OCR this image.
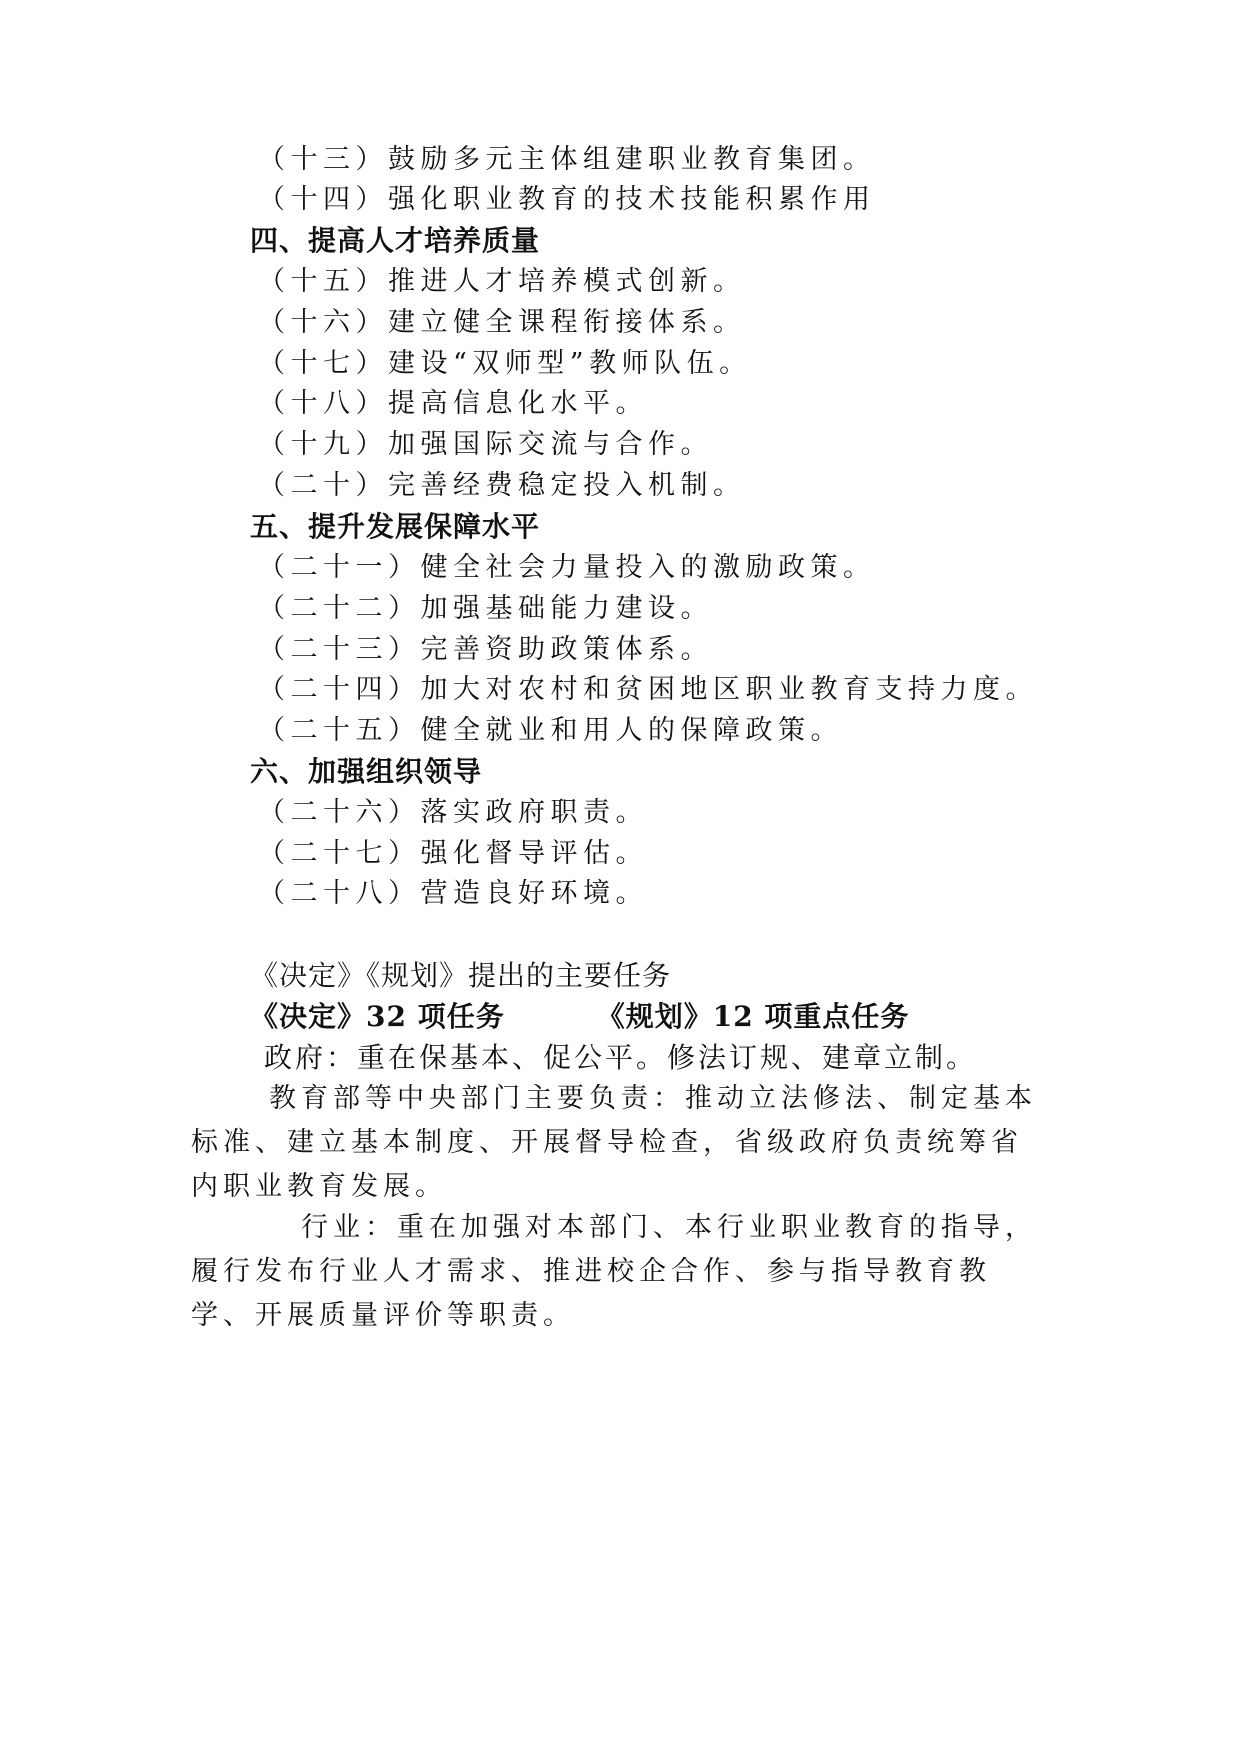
（十三）鼓励多元主体组建职业教育集团。
（十四）强化职业教育的技术技能积累作用
四、提高人才培养质量
（十五）推进人才培养模式创新。
（十六）建立健全课程衔接体系。
（十七）建设“双师型”教师队伍。
（十八）提高信息化水平。
（十九）加强国际交流与合作。
（二十）完善经费稳定投入机制。
五、提升发展保障水平
（二十一）健全社会力量投入的激励政策。
（二十二）加强基础能力建设。
（二十三）完善资助政策体系。
（二十四）加大对农村和贫困地区职业教育支持力度。
（二十五）健全就业和用人的保障政策。
六、加强组织领导
（二十六）落实政府职责。
（二十七）强化督导评估。
（二十八）营造良好环境。
《决定》《规划》提出的主要任务
《决定》32 项任务	《规划》12 项重点任务
政府：重在保基本、促公平。修法订规、建章立制。
教育部等中央部门主要负责：推动立法修法、制定基本标准、建立基本制度、开展督导检查，省级政府负责统筹省内职业教育发展。
行业：重在加强对本部门、本行业职业教育的指导，履行发布行业人才需求、推进校企合作、参与指导教育教学、开展质量评价等职责。
